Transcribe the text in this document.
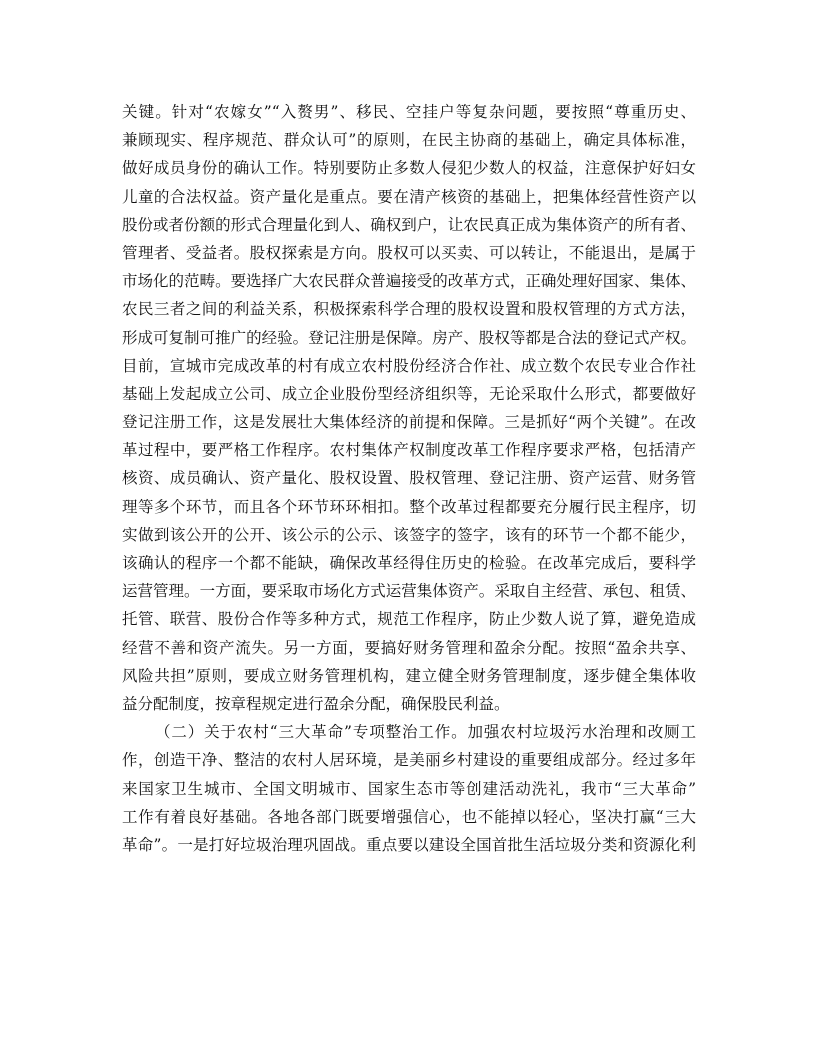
关键。针对“农嫁女”“入赘男”、移民、空挂户等复杂问题，要按照“尊重历史、
兼顾现实、程序规范、群众认可”的原则，在民主协商的基础上，确定具体标准，
做好成员身份的确认工作。特别要防止多数人侵犯少数人的权益，注意保护好妇女
儿童的合法权益。资产量化是重点。要在清产核资的基础上，把集体经营性资产以
股份或者份额的形式合理量化到人、确权到户，让农民真正成为集体资产的所有者、
管理者、受益者。股权探索是方向。股权可以买卖、可以转让，不能退出，是属于
市场化的范畴。要选择广大农民群众普遍接受的改革方式，正确处理好国家、集体、
农民三者之间的利益关系，积极探索科学合理的股权设置和股权管理的方式方法，
形成可复制可推广的经验。登记注册是保障。房产、股权等都是合法的登记式产权。
目前，宣城市完成改革的村有成立农村股份经济合作社、成立数个农民专业合作社
基础上发起成立公司、成立企业股份型经济组织等，无论采取什么形式，都要做好
登记注册工作，这是发展壮大集体经济的前提和保障。三是抓好“两个关键”。在改
革过程中，要严格工作程序。农村集体产权制度改革工作程序要求严格，包括清产
核资、成员确认、资产量化、股权设置、股权管理、登记注册、资产运营、财务管
理等多个环节，而且各个环节环环相扣。整个改革过程都要充分履行民主程序，切
实做到该公开的公开、该公示的公示、该签字的签字，该有的环节一个都不能少，
该确认的程序一个都不能缺，确保改革经得住历史的检验。在改革完成后，要科学
运营管理。一方面，要采取市场化方式运营集体资产。采取自主经营、承包、租赁、
托管、联营、股份合作等多种方式，规范工作程序，防止少数人说了算，避免造成
经营不善和资产流失。另一方面，要搞好财务管理和盈余分配。按照“盈余共享、
风险共担”原则，要成立财务管理机构，建立健全财务管理制度，逐步健全集体收
益分配制度，按章程规定进行盈余分配，确保股民利益。
（二）关于农村“三大革命”专项整治工作。加强农村垃圾污水治理和改厕工
作，创造干净、整洁的农村人居环境，是美丽乡村建设的重要组成部分。经过多年
来国家卫生城市、全国文明城市、国家生态市等创建活动洗礼，我市“三大革命”
工作有着良好基础。各地各部门既要增强信心，也不能掉以轻心，坚决打赢“三大
革命”。一是打好垃圾治理巩固战。重点要以建设全国首批生活垃圾分类和资源化利
